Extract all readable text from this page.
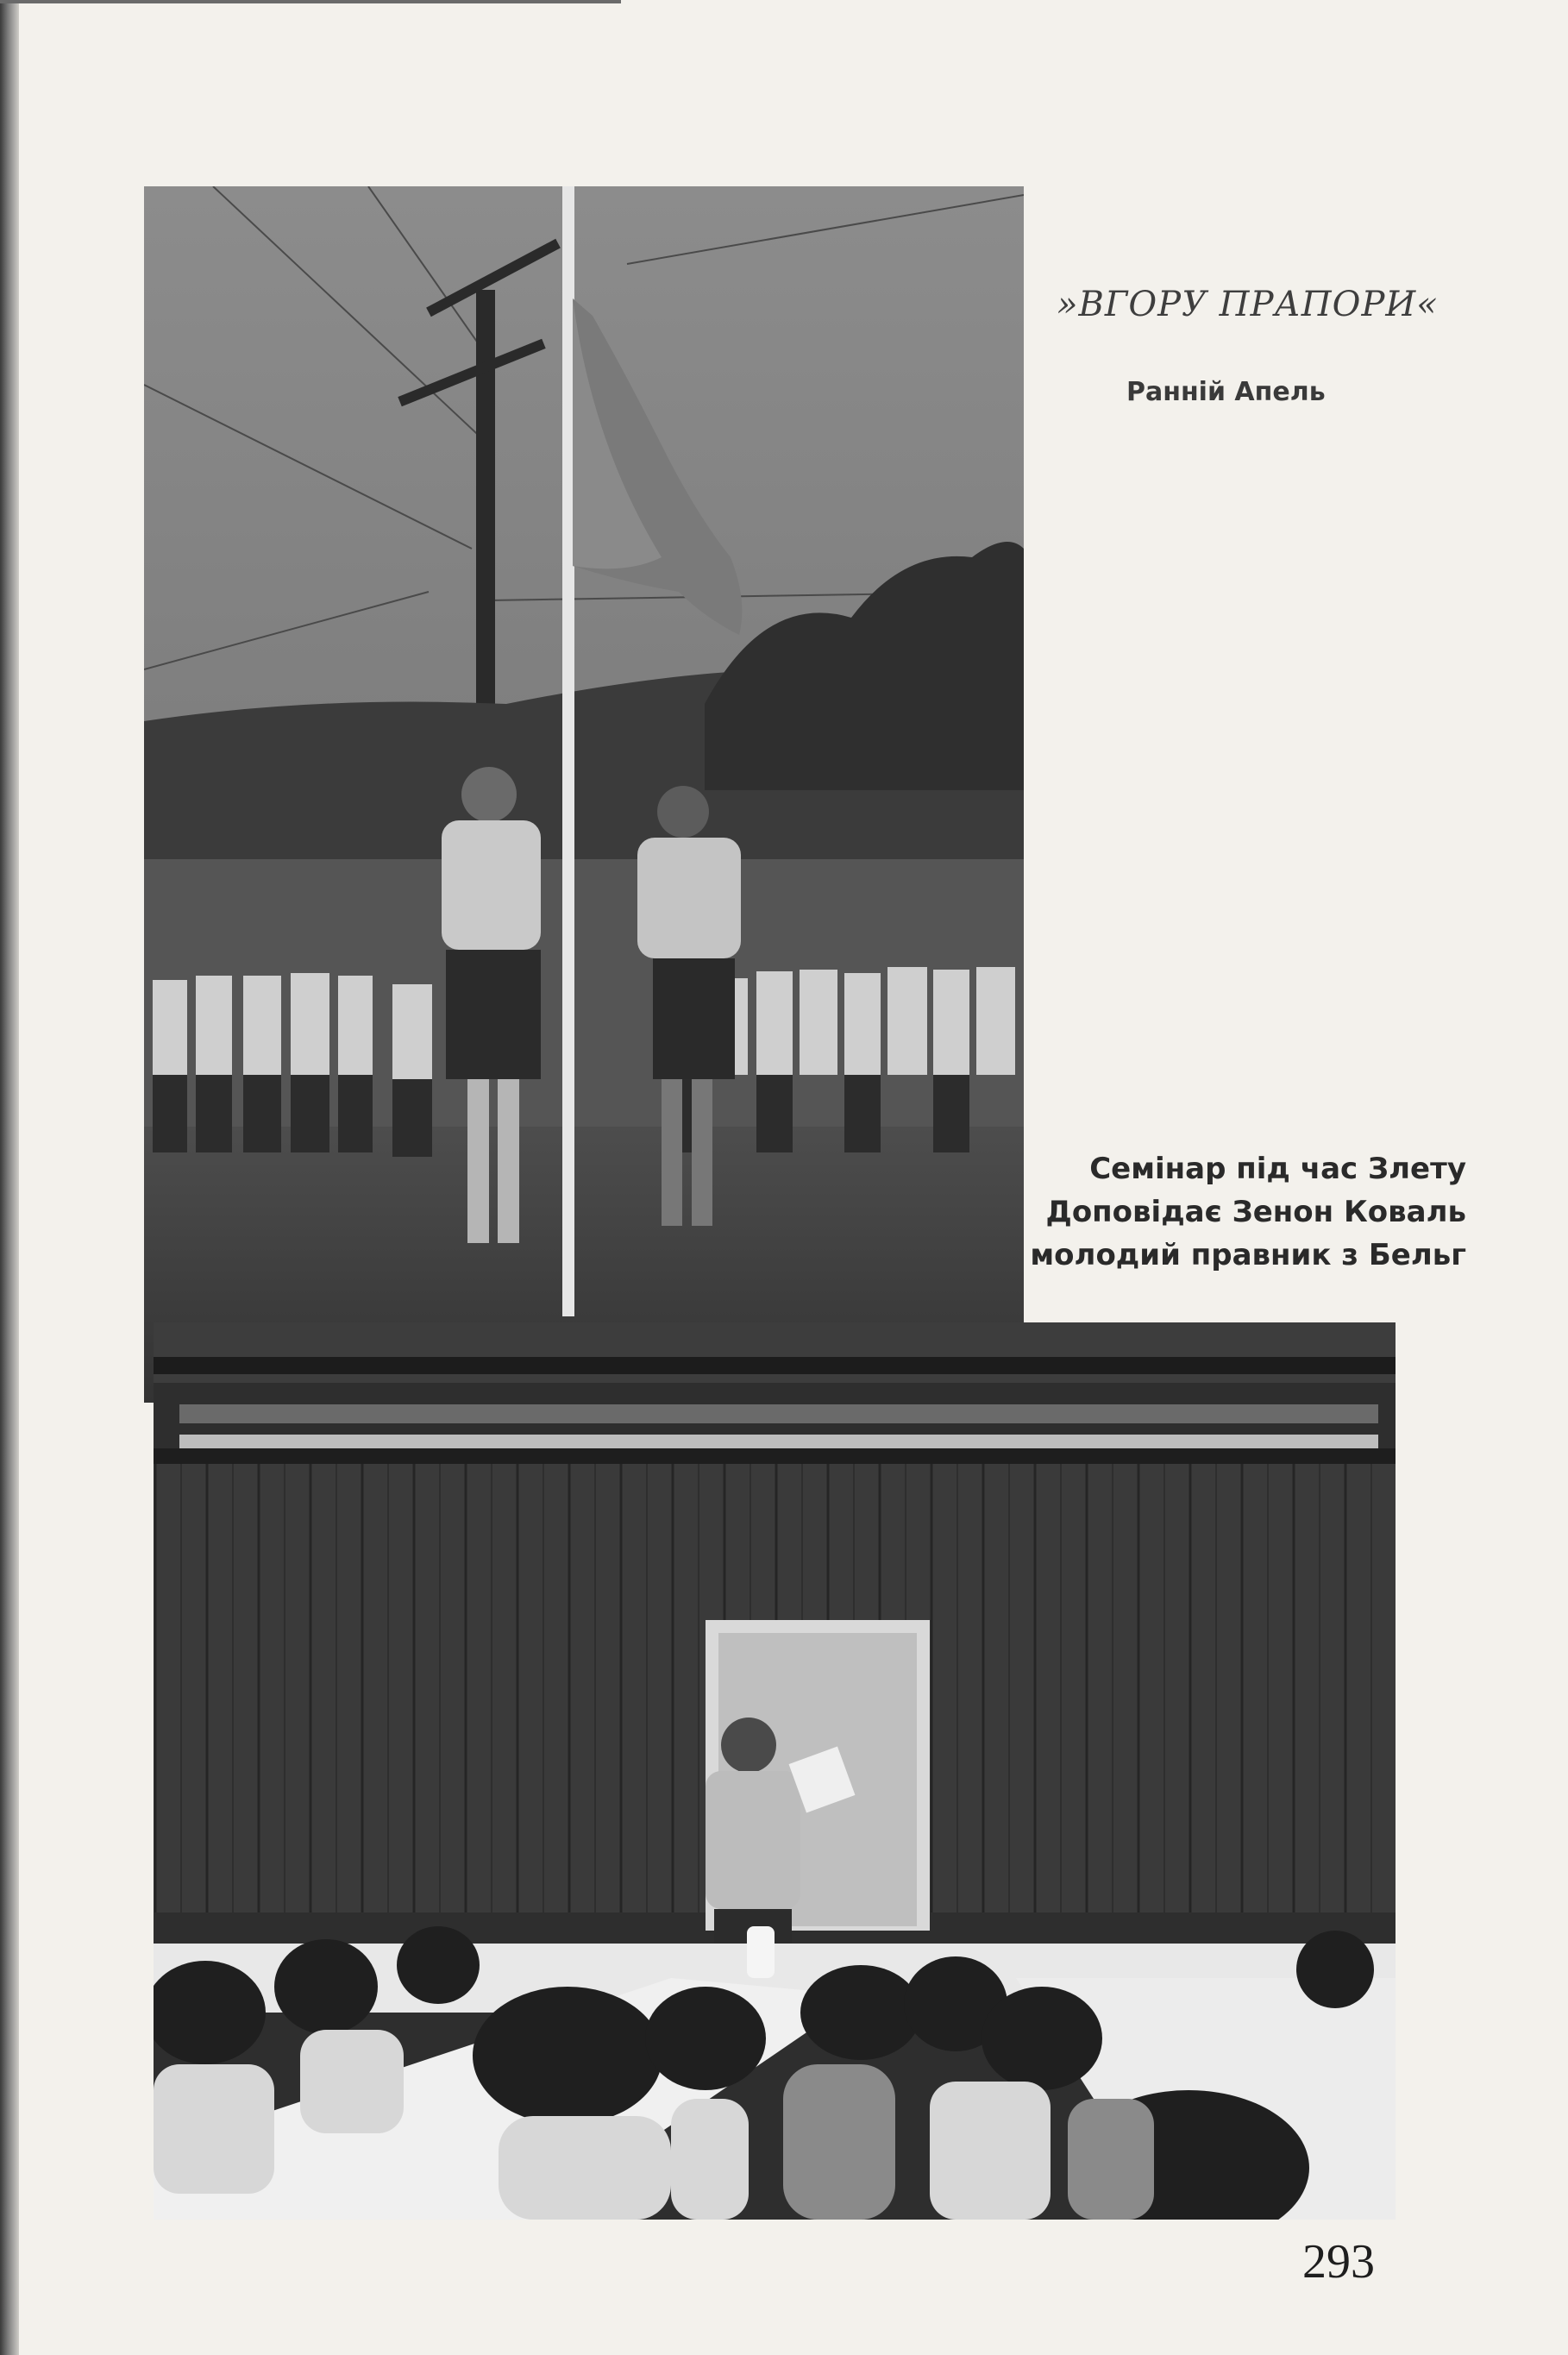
»ВГОРУ ПРАПОРИ«
Ранній Апель
Семінар під час Злету
Доповідає Зенон Коваль
молодий правник з Бельг
293
